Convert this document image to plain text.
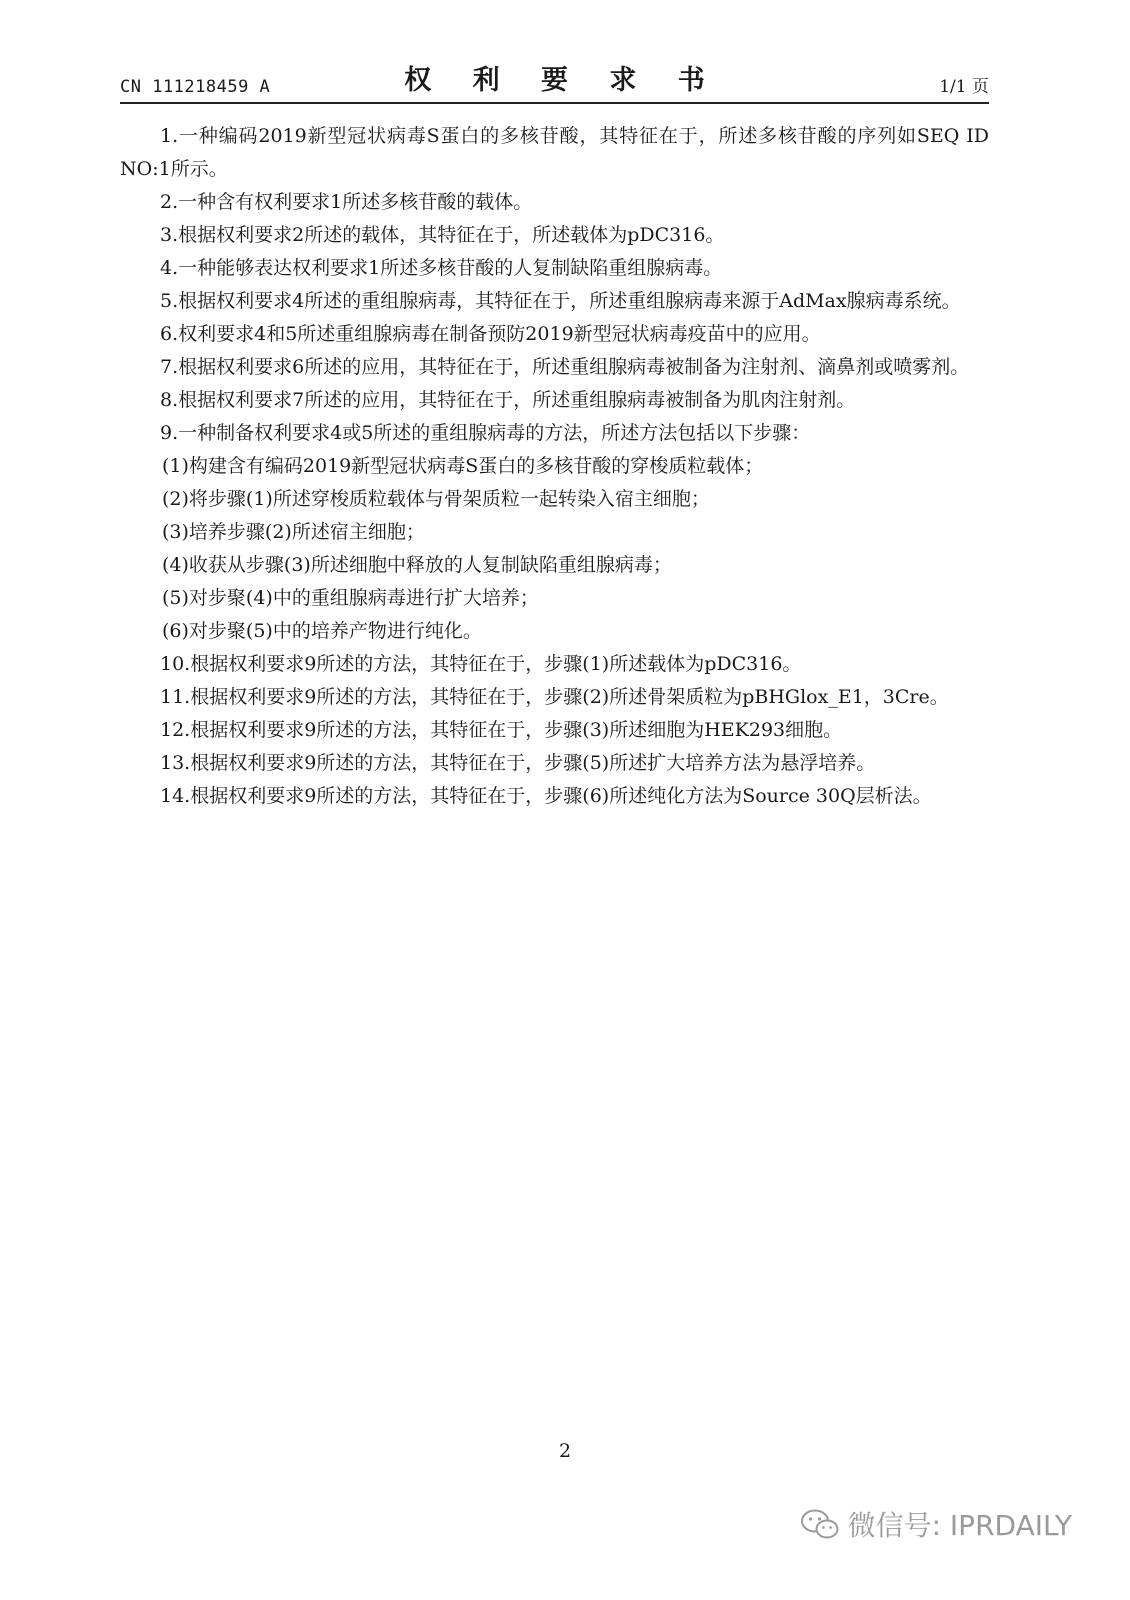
CN 111218459 A	权 利 要 求 书	1/1 页

1.一种编码2019新型冠状病毒S蛋白的多核苷酸，其特征在于，所述多核苷酸的序列如SEQ ID NO:1所示。

2.一种含有权利要求1所述多核苷酸的载体。

3.根据权利要求2所述的载体，其特征在于，所述载体为pDC316。

4.一种能够表达权利要求1所述多核苷酸的人复制缺陷重组腺病毒。

5.根据权利要求4所述的重组腺病毒，其特征在于，所述重组腺病毒来源于AdMax腺病毒系统。

6.权利要求4和5所述重组腺病毒在制备预防2019新型冠状病毒疫苗中的应用。

7.根据权利要求6所述的应用，其特征在于，所述重组腺病毒被制备为注射剂、滴鼻剂或喷雾剂。

8.根据权利要求7所述的应用，其特征在于，所述重组腺病毒被制备为肌肉注射剂。

9.一种制备权利要求4或5所述的重组腺病毒的方法，所述方法包括以下步骤：

(1)构建含有编码2019新型冠状病毒S蛋白的多核苷酸的穿梭质粒载体；

(2)将步骤(1)所述穿梭质粒载体与骨架质粒一起转染入宿主细胞；

(3)培养步骤(2)所述宿主细胞；

(4)收获从步骤(3)所述细胞中释放的人复制缺陷重组腺病毒；

(5)对步聚(4)中的重组腺病毒进行扩大培养；

(6)对步聚(5)中的培养产物进行纯化。

10.根据权利要求9所述的方法，其特征在于，步骤(1)所述载体为pDC316。

11.根据权利要求9所述的方法，其特征在于，步骤(2)所述骨架质粒为pBHGlox_E1，3Cre。

12.根据权利要求9所述的方法，其特征在于，步骤(3)所述细胞为HEK293细胞。

13.根据权利要求9所述的方法，其特征在于，步骤(5)所述扩大培养方法为悬浮培养。

14.根据权利要求9所述的方法，其特征在于，步骤(6)所述纯化方法为Source 30Q层析法。

2
微信号: IPRDAILY
